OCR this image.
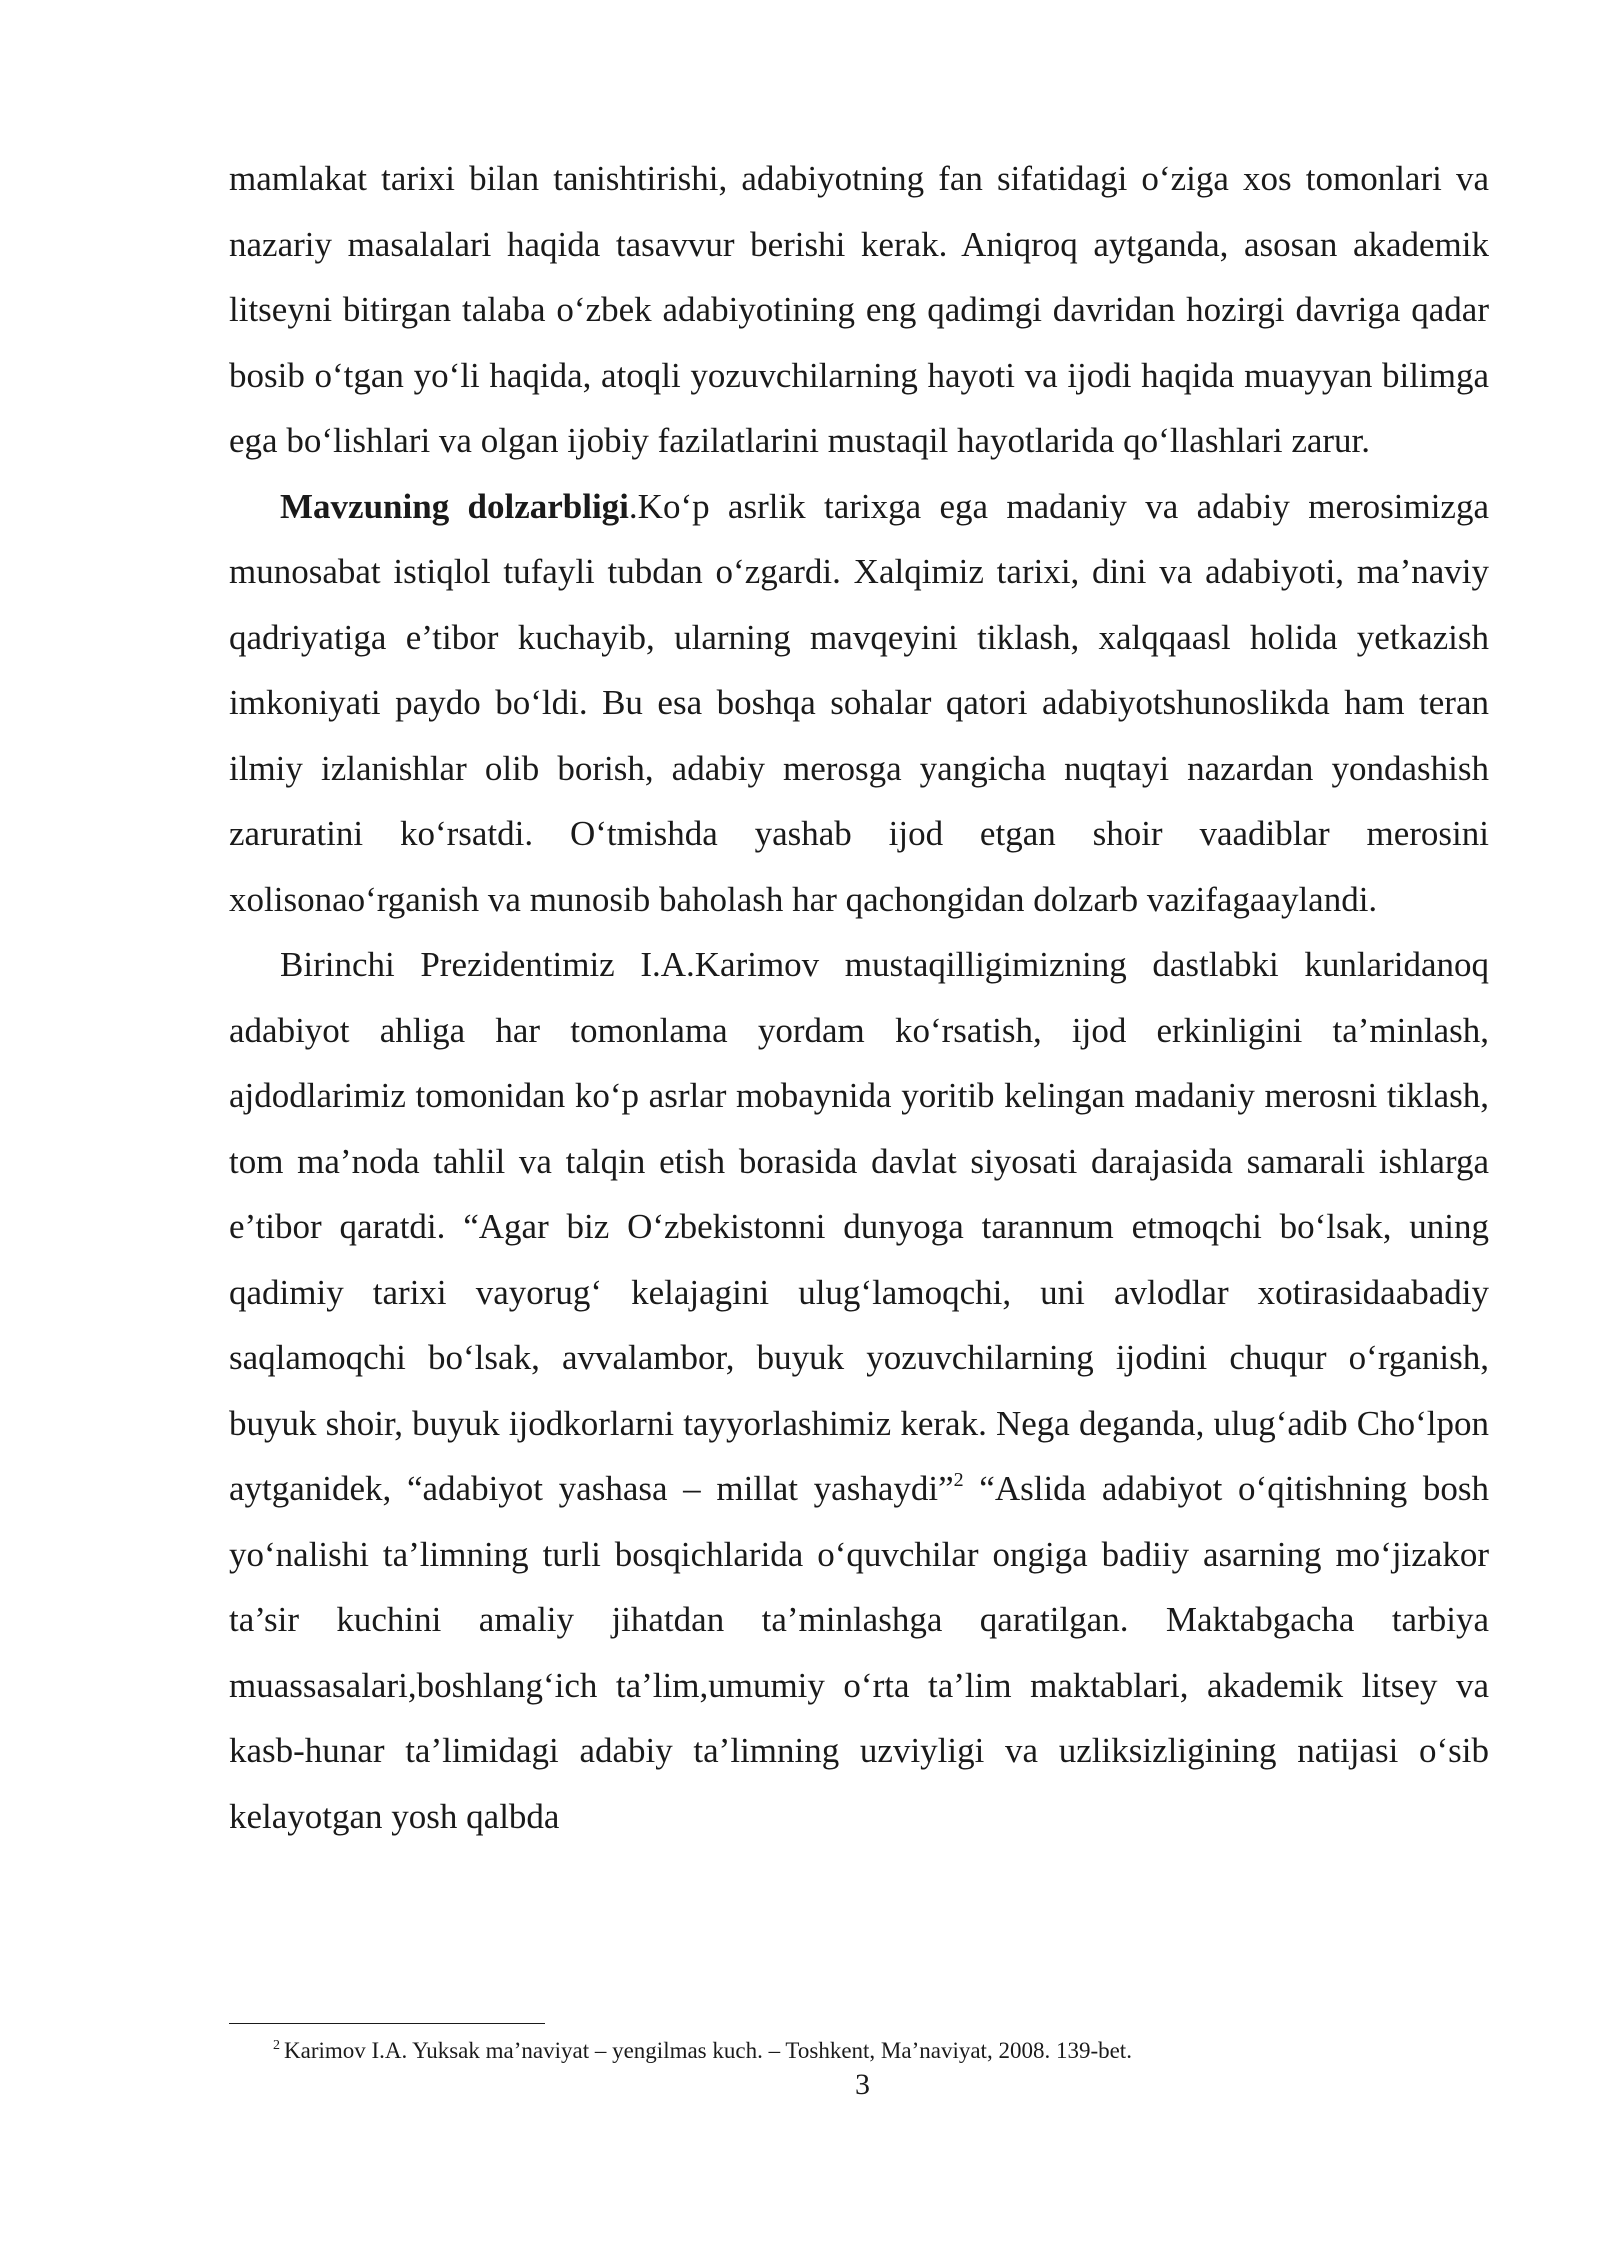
mamlakat tarixi bilan tanishtirishi, adabiyotning fan sifatidagi o‘ziga xos tomonlari va nazariy masalalari haqida tasavvur berishi kerak. Aniqroq aytganda, asosan akademik litseyni bitirgan talaba o‘zbek adabiyotining eng qadimgi davridan hozirgi davriga qadar bosib o‘tgan yo‘li haqida, atoqli yozuvchilarning hayoti va ijodi haqida muayyan bilimga ega bo‘lishlari va olgan ijobiy fazilatlarini mustaqil hayotlarida qo‘llashlari zarur.

Mavzuning dolzarbligi.Ko‘p asrlik tarixga ega madaniy va adabiy merosimizga munosabat istiqlol tufayli tubdan o‘zgardi. Xalqimiz tarixi, dini va adabiyoti, ma’naviy qadriyatiga e’tibor kuchayib, ularning mavqeyini tiklash, xalqqaasl holida yetkazish imkoniyati paydo bo‘ldi. Bu esa boshqa sohalar qatori adabiyotshunoslikda ham teran ilmiy izlanishlar olib borish, adabiy merosga yangicha nuqtayi nazardan yondashish zaruratini ko‘rsatdi. O‘tmishda yashab ijod etgan shoir vaadiblar merosini xolisonao‘rganish va munosib baholash har qachongidan dolzarb vazifagaaylandi.

Birinchi Prezidentimiz I.A.Karimov mustaqilligimizning dastlabki kunlaridanoq adabiyot ahliga har tomonlama yordam ko‘rsatish, ijod erkinligini ta’minlash, ajdodlarimiz tomonidan ko‘p asrlar mobaynida yoritib kelingan madaniy merosni tiklash, tom ma’noda tahlil va talqin etish borasida davlat siyosati darajasida samarali ishlarga e’tibor qaratdi. “Agar biz O‘zbekistonni dunyoga tarannum etmoqchi bo‘lsak, uning qadimiy tarixi vayorug‘ kelajagini ulug‘lamoqchi, uni avlodlar xotirasidaabadiy saqlamoqchi bo‘lsak, avvalambor, buyuk yozuvchilarning ijodini chuqur o‘rganish, buyuk shoir, buyuk ijodkorlarni tayyorlashimiz kerak. Nega deganda, ulug‘adib Cho‘lpon aytganidek, “adabiyot yashasa – millat yashaydi”$^2$ “Aslida adabiyot o‘qitishning bosh yo‘nalishi ta’limning turli bosqichlarida o‘quvchilar ongiga badiiy asarning mo‘jizakor ta’sir kuchini amaliy jihatdan ta’minlashga qaratilgan. Maktabgacha tarbiya muassasalari,boshlang‘ich ta’lim,umumiy o‘rta ta’lim maktablari, akademik litsey va kasb-hunar ta’limidagi adabiy ta’limning uzviyligi va uzliksizligining natijasi o‘sib kelayotgan yosh qalbda

$^2$ Karimov I.A. Yuksak ma’naviyat – yengilmas kuch. – Toshkent, Ma’naviyat, 2008. 139-bet.
3
